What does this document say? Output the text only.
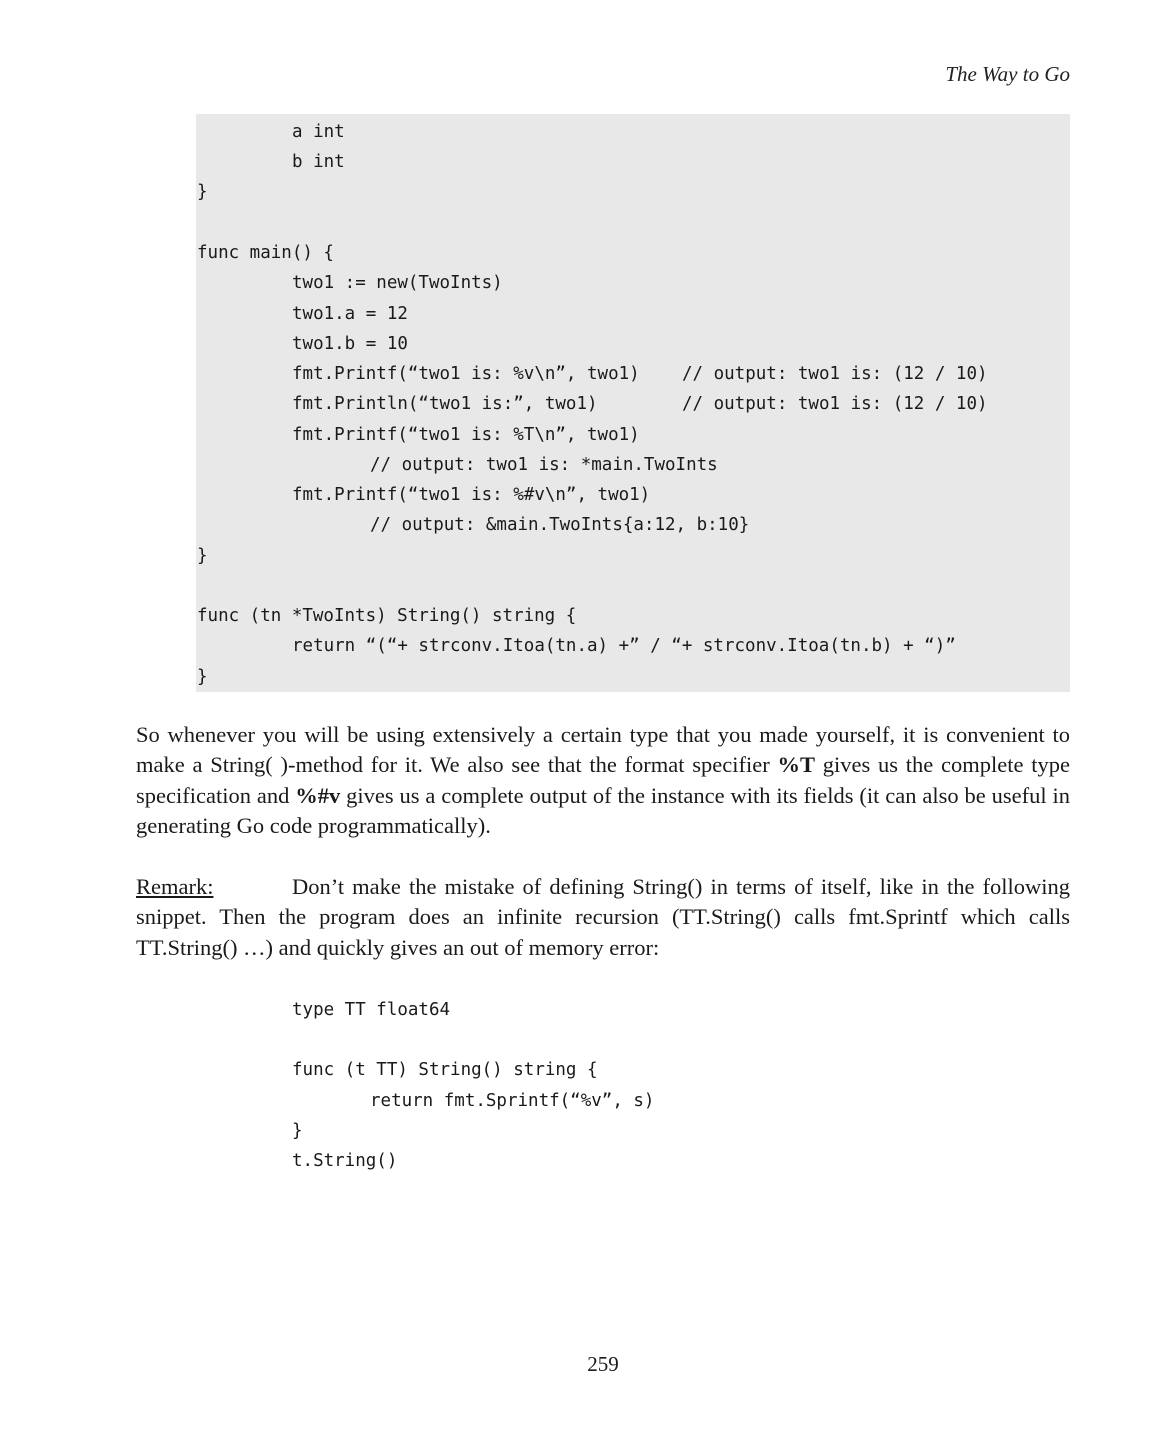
The Way to Go
a int
b int
}
func main() {
two1 := new(TwoInts)
two1.a = 12
two1.b = 10
fmt.Printf(“two1 is: %v\n”, two1) // output: two1 is: (12 / 10)
fmt.Println(“two1 is:”, two1)	// output: two1 is: (12 / 10)
fmt.Printf(“two1 is: %T\n”, two1)
// output: two1 is: *main.TwoInts
fmt.Printf(“two1 is: %#v\n”, two1)
// output: &main.TwoInts{a:12, b:10}
}
func (tn *TwoInts) String() string {
return “(“+ strconv.Itoa(tn.a) +” / “+ strconv.Itoa(tn.b) + “)”
}

So whenever you will be using extensively a certain type that you made yourself, it is convenient to make a String( )-method for it. We also see that the format specifier %T gives us the complete type specification and %#v gives us a complete output of the instance with its fields (it can also be useful in generating Go code programmatically).

Remark:	Don’t make the mistake of defining String() in terms of itself, like in the following snippet. Then the program does an infinite recursion (TT.String() calls fmt.Sprintf which calls TT.String() …) and quickly gives an out of memory error:

type TT float64
func (t TT) String() string {
return fmt.Sprintf(“%v”, s)
}
t.String()
259
